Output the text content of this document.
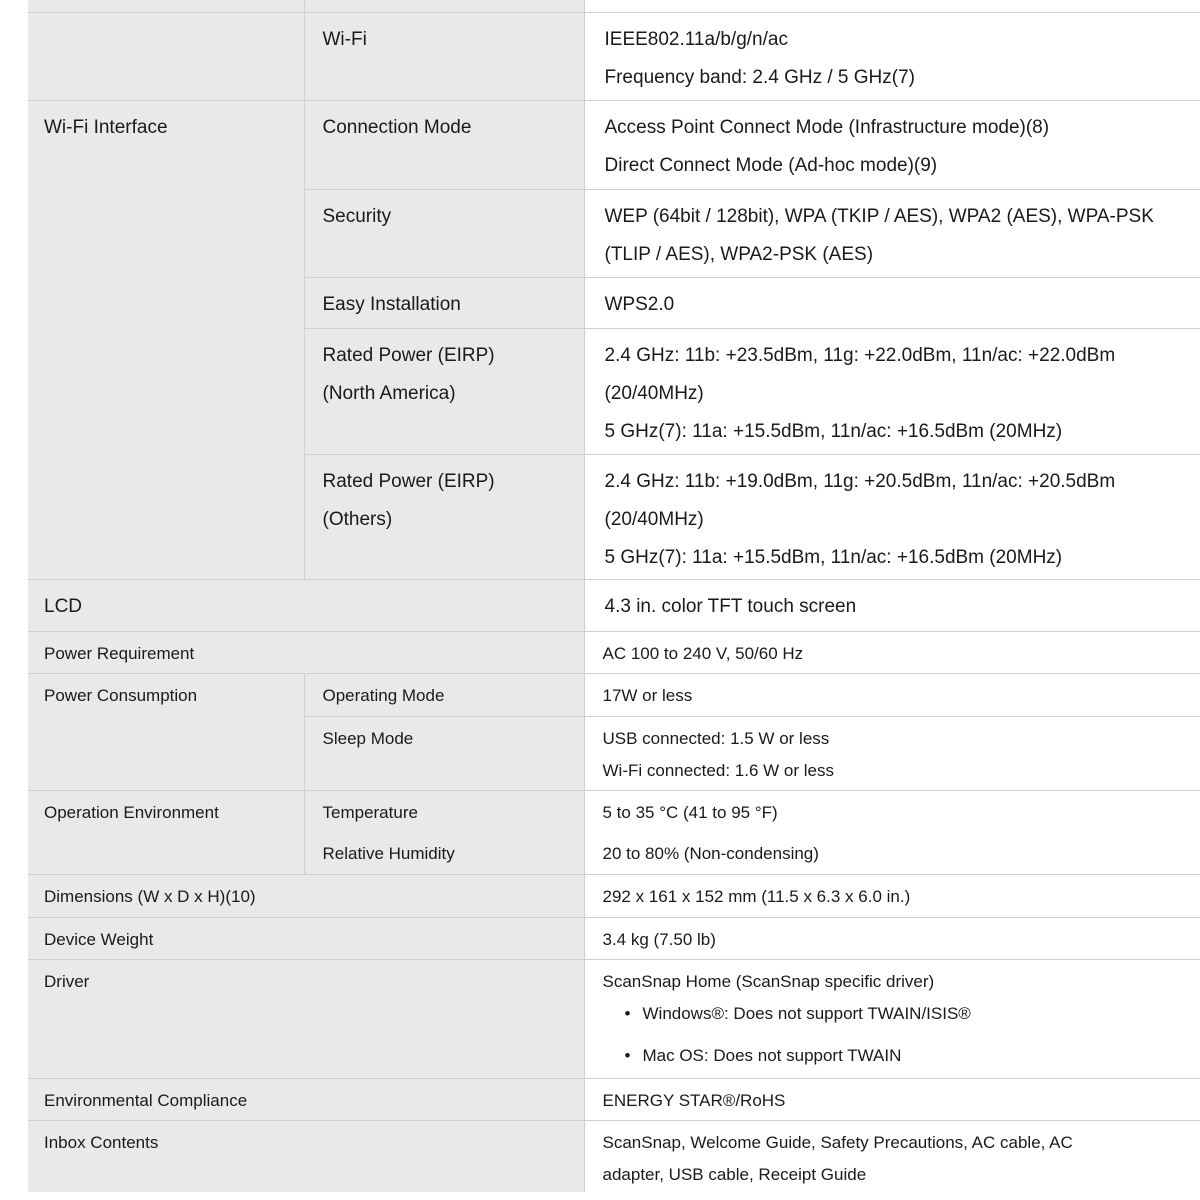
	Wi-Fi	IEEE802.11a/b/g/n/ac
Frequency band: 2.4 GHz / 5 GHz(7)

Wi-Fi Interface	Connection Mode	Access Point Connect Mode (Infrastructure mode)(8)
Direct Connect Mode (Ad-hoc mode)(9)

	Security	WEP (64bit / 128bit), WPA (TKIP / AES), WPA2 (AES), WPA-PSK
(TLIP / AES), WPA2-PSK (AES)

	Easy Installation	WPS2.0

	Rated Power (EIRP)
(North America)	2.4 GHz: 11b: +23.5dBm, 11g: +22.0dBm, 11n/ac: +22.0dBm
(20/40MHz)
5 GHz(7): 11a: +15.5dBm, 11n/ac: +16.5dBm (20MHz)

	Rated Power (EIRP)
(Others)	2.4 GHz: 11b: +19.0dBm, 11g: +20.5dBm, 11n/ac: +20.5dBm
(20/40MHz)
5 GHz(7): 11a: +15.5dBm, 11n/ac: +16.5dBm (20MHz)

LCD		4.3 in. color TFT touch screen

Power Requirement		AC 100 to 240 V, 50/60 Hz

Power Consumption	Operating Mode	17W or less

	Sleep Mode	USB connected: 1.5 W or less
Wi-Fi connected: 1.6 W or less

Operation Environment	Temperature	5 to 35 °C (41 to 95 °F)

	Relative Humidity	20 to 80% (Non-condensing)

Dimensions (W x D x H)(10)		292 x 161 x 152 mm (11.5 x 6.3 x 6.0 in.)

Device Weight		3.4 kg (7.50 lb)

Driver		ScanSnap Home (ScanSnap specific driver)
• Windows®: Does not support TWAIN/ISIS®
• Mac OS: Does not support TWAIN

Environmental Compliance		ENERGY STAR®/RoHS

Inbox Contents		ScanSnap, Welcome Guide, Safety Precautions, AC cable, AC
adapter, USB cable, Receipt Guide
